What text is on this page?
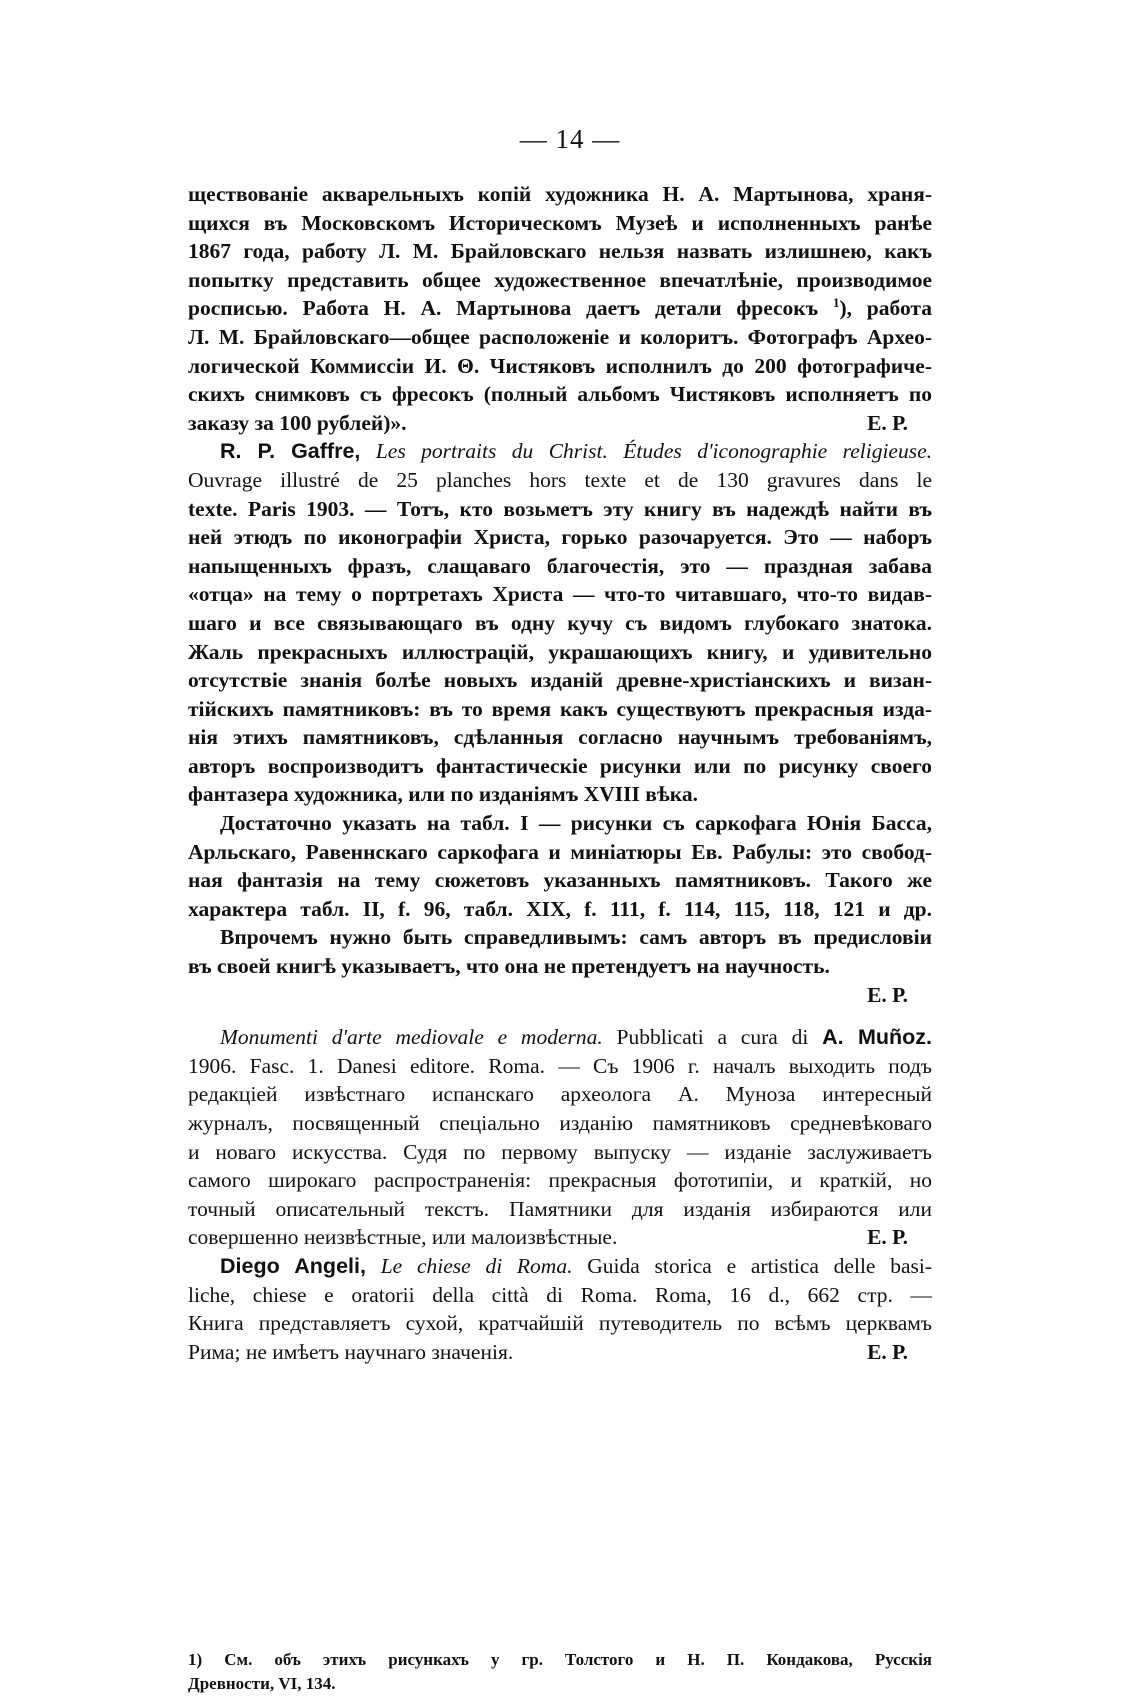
— 14 —
ществованіе акварельныхъ копій художника Н. А. Мартынова, храня-
щихся въ Московскомъ Историческомъ Музеѣ и исполненныхъ ранѣе
1867 года, работу Л. М. Брайловскаго нельзя назвать излишнею, какъ
попытку представить общее художественное впечатлѣніе, производимое
росписью. Работа Н. А. Мартынова даетъ детали фресокъ $^1$), работа
Л. М. Брайловскаго—общее расположеніе и колоритъ. Фотографъ Археo-
логической Коммиссіи И. Θ. Чистяковъ исполнилъ до 200 фотографиче-
скихъ снимковъ съ фресокъ (полный альбомъ Чистяковъ исполняетъ по
заказу за 100 рублей)».	Е. Р.
R. P. Gaffre, Les portraits du Christ. Études d'iconographie religieuse.
Ouvrage illustré de 25 planches hors texte et de 130 gravures dans le
texte. Paris 1903. — Тотъ, кто возьметъ эту книгу въ надеждѣ найти въ
ней этюдъ по иконографіи Христа, горько разочаруется. Это — наборъ
напыщенныхъ фразъ, слащаваго благочестія, это — праздная забава
«отца» на тему о портретахъ Христа — что-то читавшаго, что-то видав-
шаго и все связывающаго въ одну кучу съ видомъ глубокаго знатока.
Жаль прекрасныхъ иллюстрацій, украшающихъ книгу, и удивительно
отсутствіе знанія болѣе новыхъ изданій древне-христіанскихъ и визан-
тійскихъ памятниковъ: въ то время какъ существуютъ прекрасныя изда-
нія этихъ памятниковъ, сдѣланныя согласно научнымъ требованіямъ,
авторъ воспроизводитъ фантастическіе рисунки или по рисунку своего
фантазера художника, или по изданіямъ XVIII вѣка.
Достаточно указать на табл. I — рисунки съ саркофага Юнія Басса,
Арльскаго, Равеннскаго саркофага и миніатюры Ев. Рабулы: это свобод-
ная фантазія на тему сюжетовъ указанныхъ памятниковъ. Такого же
характера табл. II, f. 96, табл. XIX, f. 111, f. 114, 115, 118, 121 и др.
Впрочемъ нужно быть справедливымъ: самъ авторъ въ предисловіи
въ своей книгѣ указываетъ, что она не претендуетъ на научность.
Е. Р.
Monumenti d'arte mediovale e moderna. Pubblicati a cura di A. Muñoz.
1906. Fasc. 1. Danesi editore. Roma. — Съ 1906 г. началъ выходить подъ
редакціей извѣстнаго испанскаго археолога А. Муноза интересный
журналъ, посвященный спеціально изданію памятниковъ средневѣковаго
и новаго искусства. Судя по первому выпуску — изданіе заслуживаетъ
самого широкаго распространенія: прекрасныя фототипіи, и краткій, но
точный описательный текстъ. Памятники для изданія избираются или
совершенно неизвѣстные, или малоизвѣстные.	Е. Р.
Diego Angeli, Le chiese di Roma. Guida storica e artistica delle basi-
liche, chiese e oratorii della città di Roma. Roma, 16 d., 662 стр. —
Книга представляетъ сухой, кратчайшій путеводитель по всѣмъ церквамъ
Рима; не имѣетъ научнаго значенія.	Е. Р.
1) См. объ этихъ рисункахъ у гр. Толстого и Н. П. Кондакова, Русскія
Древности, VI, 134.
